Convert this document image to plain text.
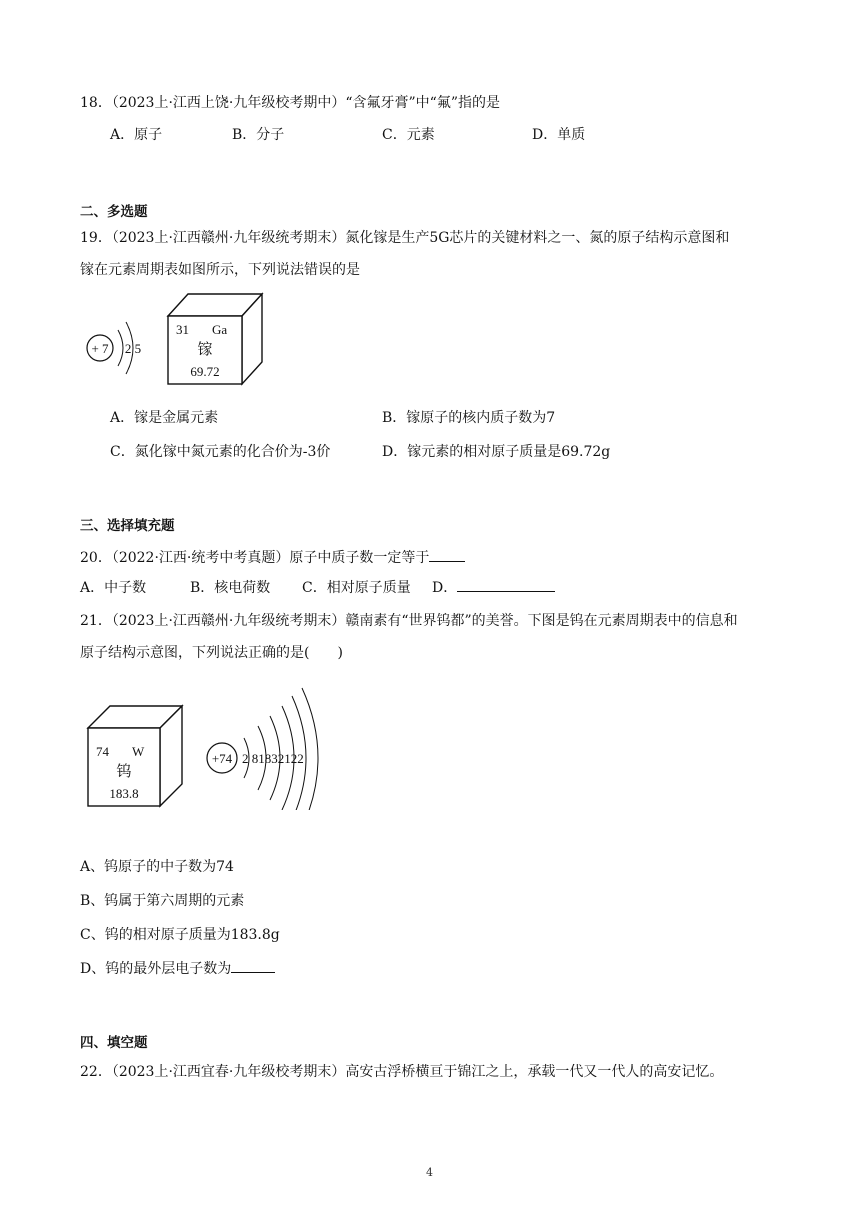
18．（2023上·江西上饶·九年级校考期中）“含氟牙膏”中“氟”指的是
A．原子	B．分子	C．元素	D．单质
二、多选题
19．（2023上·江西赣州·九年级统考期末）氮化镓是生产5G芯片的关键材料之一、氮的原子结构示意图和
镓在元素周期表如图所示，下列说法错误的是
+ 7 2 5
31 Ga
镓
69.72
A．镓是金属元素	B．镓原子的核内质子数为7
C．氮化镓中氮元素的化合价为-3价	D．镓元素的相对原子质量是69.72g
三、选择填充题
20．（2022·江西·统考中考真题）原子中质子数一定等于
A．中子数	B．核电荷数 C．相对原子质量 D．
21．（2023上·江西赣州·九年级统考期末）赣南素有“世界钨都”的美誉。下图是钨在元素周期表中的信息和
原子结构示意图，下列说法正确的是(　　)
74 W
钨
183.8
+74 2 81832122
A、钨原子的中子数为74
B、钨属于第六周期的元素
C、钨的相对原子质量为183.8g
D、钨的最外层电子数为
四、填空题
22．（2023上·江西宜春·九年级校考期末）高安古浮桥横亘于锦江之上，承载一代又一代人的高安记忆。
4
